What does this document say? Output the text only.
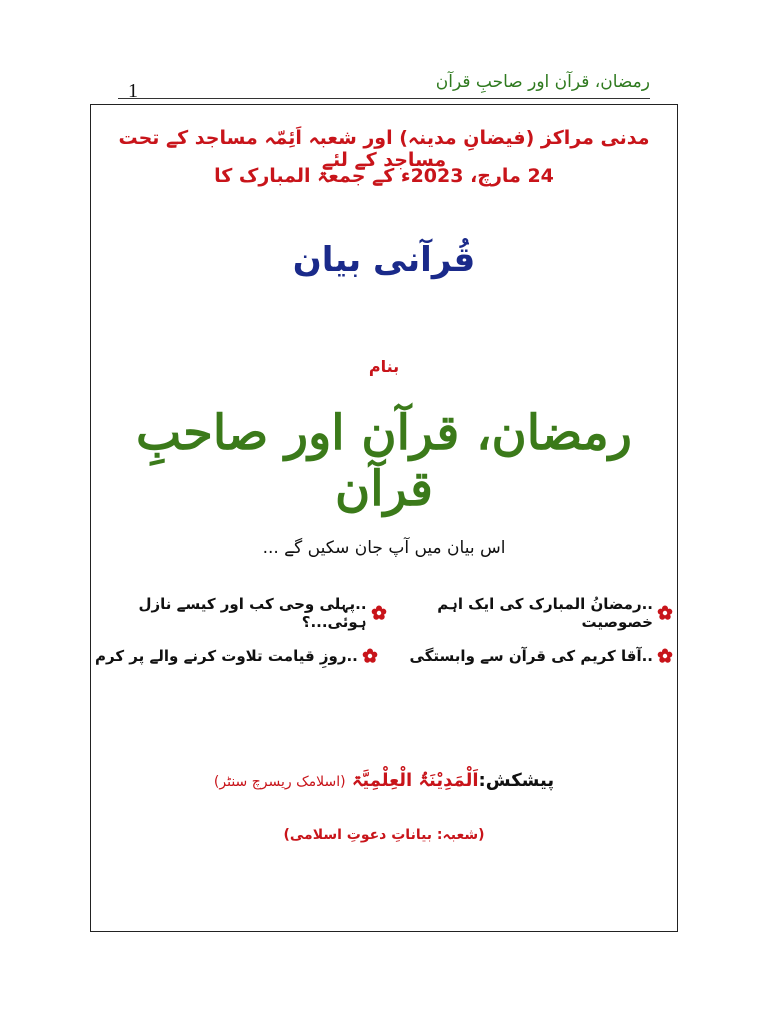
رمضان، قرآن اور صاحبِ قرآن
1
مدنی مراکز (فیضانِ مدینہ) اور شعبہ اَئِمّہ مساجد کے تحت مساجد کے لئے
24 مارچ، 2023ء کے جمعۃ المبارک کا
قُرآنی بیان
بنام
رمضان، قرآن اور صاحبِ قرآن
اس بیان میں آپ جان سکیں گے ...
..رمضانُ المبارک کی ایک اہم خصوصیت
..پہلی وحی کب اور کیسے نازل ہوئی...؟
..آقا کریم کی قرآن سے وابستگی
..روزِ قیامت تلاوت کرنے والے پر کرم
پیشکش:اَلْمَدِیْنَۃُ الْعِلْمِیَّۃ (اسلامک ریسرچ سنٹر)
(شعبہ: بیاناتِ دعوتِ اسلامی)
